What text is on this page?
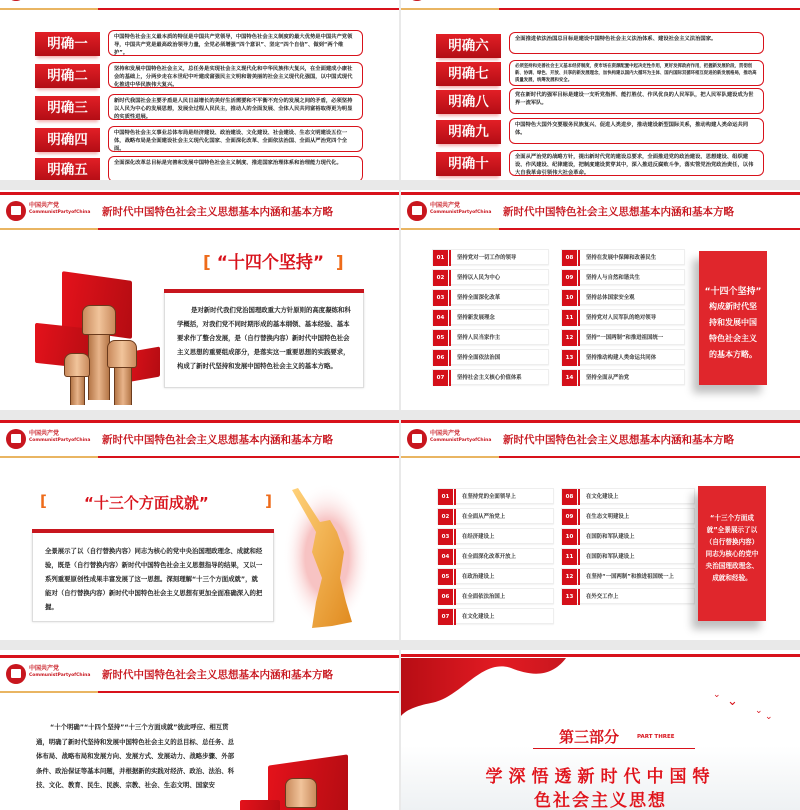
明确一	中国特色社会主义最本质的特征是中国共产党领导，中国特色社会主义制度的最大优势是中国共产党领导，中国共产党是最高政治领导力量，全党必须增强“四个意识”、坚定“四个自信”、做到“两个维护”。
明确二	坚持和发展中国特色社会主义，总任务是实现社会主义现代化和中华民族伟大复兴，在全面建成小康社会的基础上，分两步走在本世纪中叶建成富强民主文明和谐美丽的社会主义现代化强国，以中国式现代化推进中华民族伟大复兴。
明确三	新时代我国社会主要矛盾是人民日益增长的美好生活需要和不平衡不充分的发展之间的矛盾，必须坚持以人民为中心的发展思想，发展全过程人民民主，推动人的全面发展、全体人民共同富裕取得更为明显的实质性进展。
明确四	中国特色社会主义事业总体布局是经济建设、政治建设、文化建设、社会建设、生态文明建设五位一体，战略布局是全面建设社会主义现代化国家、全面深化改革、全面依法治国、全面从严治党四个全面。
明确五	全面深化改革总目标是完善和发展中国特色社会主义制度、推进国家治理体系和治理能力现代化。
明确六	全面推进依法治国总目标是建设中国特色社会主义法治体系、建设社会主义法治国家。
明确七	必须坚持和完善社会主义基本经济制度，使市场在资源配置中起决定性作用，更好发挥政府作用，把握新发展阶段，贯彻创新、协调、绿色、开放、共享的新发展理念，加快构建以国内大循环为主体、国内国际双循环相互促进的新发展格局，推动高质量发展，统筹发展和安全。
明确八	党在新时代的强军目标是建设一支听党指挥、能打胜仗、作风优良的人民军队，把人民军队建设成为世界一流军队。
明确九	中国特色大国外交要服务民族复兴、促进人类进步，推动建设新型国际关系，推动构建人类命运共同体。
明确十	全面从严治党的战略方针，提出新时代党的建设总要求，全面推进党的政治建设、思想建设、组织建设、作风建设、纪律建设，把制度建设贯穿其中，深入推进反腐败斗争，落实管党治党政治责任，以伟大自我革命引领伟大社会革命。
中国共产党
CommunistPartyofChina 新时代中国特色社会主义思想基本内涵和基本方略
[ “十四个坚持” ]
是对新时代我们党治国理政重大方针原则的高度凝练和科学概括，对我们党不同时期形成的基本纲领、基本经验、基本要求作了整合发展，是（自行替换内容）新时代中国特色社会主义思想的重要组成部分，是落实这一重要思想的实践要求，构成了新时代坚持和发展中国特色社会主义的基本方略。
中国共产党
CommunistPartyofChina 新时代中国特色社会主义思想基本内涵和基本方略
01	坚持党对一切工作的领导
02	坚持以人民为中心
03	坚持全面深化改革
04	坚持新发展理念
05	坚持人民当家作主
06	坚持全面依法治国
07	坚持社会主义核心价值体系
08	坚持在发展中保障和改善民生
09	坚持人与自然和谐共生
10	坚持总体国家安全观
11	坚持党对人民军队的绝对领导
12	坚持“一国两制”和推进祖国统一
13	坚持推动构建人类命运共同体
14	坚持全面从严治党
“十四个坚持”
构成新时代坚持和发展中国特色社会主义的基本方略。
中国共产党
CommunistPartyofChina 新时代中国特色社会主义思想基本内涵和基本方略
[ “十三个方面成就”	]
全景展示了以（自行替换内容）同志为核心的党中央治国理政理念、成就和经验，既是（自行替换内容）新时代中国特色社会主义思想指导的结果，又以一系列重要原创性成果丰富发展了这一思想。深刻理解“十三个方面成就”，就能对（自行替换内容）新时代中国特色社会主义思想有更加全面准确深入的把握。
中国共产党
CommunistPartyofChina 新时代中国特色社会主义思想基本内涵和基本方略
01	在坚持党的全面领导上
02	在全面从严治党上
03	在经济建设上
04	在全面深化改革开放上
05	在政治建设上
06	在全面依法治国上
07	在文化建设上
08	在文化建设上
09	在生态文明建设上
10	在国防和军队建设上
11	在国防和军队建设上
12	在坚持“一国两制”和推进祖国统一上
13	在外交工作上
“十三个方面成就”全景展示了以（自行替换内容）同志为核心的党中央治国理政理念、成就和经验。
中国共产党
CommunistPartyofChina 新时代中国特色社会主义思想基本内涵和基本方略
“十个明确”“十四个坚持”“十三个方面成就”彼此呼应、相互贯通，明确了新时代坚持和发展中国特色社会主义的总目标、总任务、总体布局、战略布局和发展方向、发展方式、发展动力、战略步骤、外部条件、政治保证等基本问题，并根据新的实践对经济、政治、法治、科技、文化、教育、民生、民族、宗教、社会、生态文明、国家安
⌄ ⌄
⌄
⌄
第三部分	PART THREE
学深悟透新时代中国特
色社会主义思想
